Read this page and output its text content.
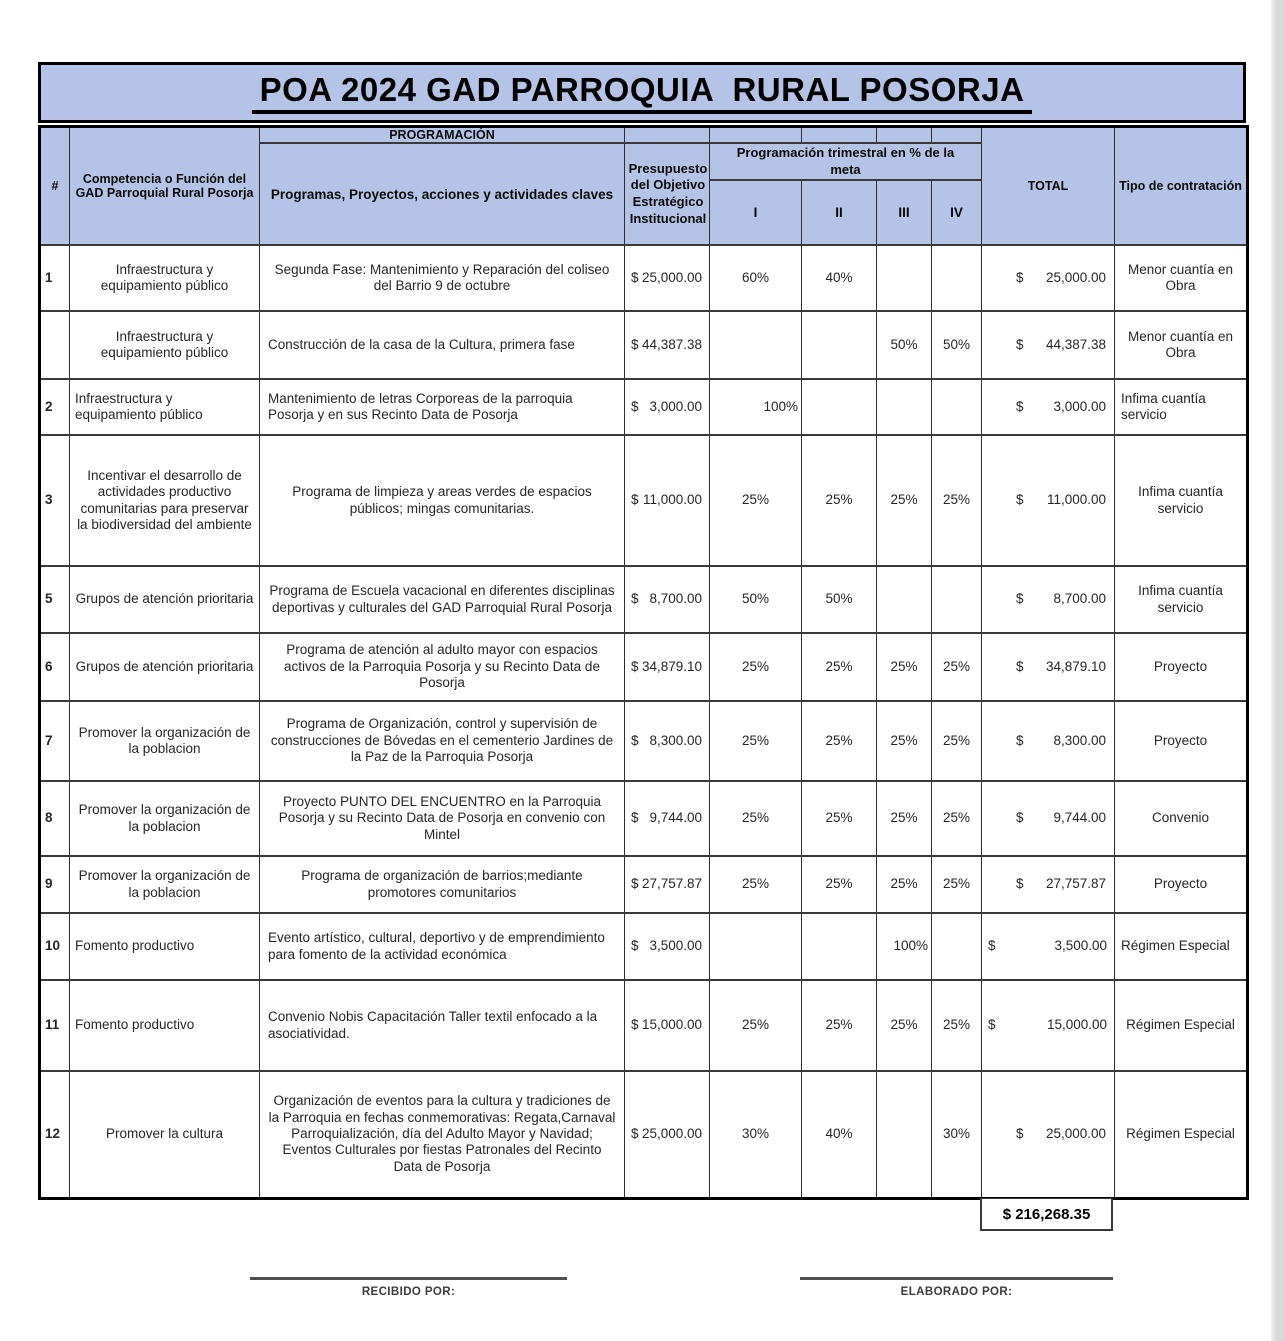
POA 2024 GAD PARROQUIA  RURAL POSORJA
#	Competencia o Función del GAD Parroquial Rural Posorja	PROGRAMACIÓN						TOTAL	Tipo de contratación
		Programas, Proyectos, acciones y actividades claves	Presupuesto del Objetivo Estratégico Institucional	Programación trimestral en % de la meta					
				I	II	III	IV		
1	Infraestructura y equipamiento público	Segunda Fase: Mantenimiento y Reparación del coliseo del Barrio 9 de octubre	$ 25,000.00	60%	40%			$ 25,000.00	Menor cuantía en Obra
	Infraestructura y equipamiento público	Construcción de la casa de la Cultura, primera fase	$ 44,387.38			50%	50%	$ 44,387.38	Menor cuantía en Obra
2	Infraestructura y equipamiento público	Mantenimiento de letras Corporeas de la parroquia Posorja y en sus Recinto Data de Posorja	$ 3,000.00	100%				$ 3,000.00	Infima cuantía servicio
3	Incentivar el desarrollo de actividades productivo comunitarias para preservar la biodiversidad del ambiente	Programa de limpieza y areas verdes de espacios públicos; mingas comunitarias.	$ 11,000.00	25%	25%	25%	25%	$ 11,000.00	Infima cuantía servicio
5	Grupos de atención prioritaria	Programa de Escuela vacacional en diferentes disciplinas deportivas y culturales del GAD Parroquial Rural Posorja	$ 8,700.00	50%	50%			$ 8,700.00	Infima cuantía servicio
6	Grupos de atención prioritaria	Programa de atención al adulto mayor con espacios activos de la Parroquia Posorja y su Recinto Data de Posorja	$ 34,879.10	25%	25%	25%	25%	$ 34,879.10	Proyecto
7	Promover la organización de la poblacion	Programa de Organización, control y supervisión de construcciones de Bóvedas en el cementerio Jardines de la Paz de la Parroquia Posorja	$ 8,300.00	25%	25%	25%	25%	$ 8,300.00	Proyecto
8	Promover la organización de la poblacion	Proyecto PUNTO DEL ENCUENTRO en la Parroquia Posorja y su Recinto Data de Posorja en convenio con Mintel	$ 9,744.00	25%	25%	25%	25%	$ 9,744.00	Convenio
9	Promover la organización de la poblacion	Programa de organización de barrios;mediante promotores comunitarios	$ 27,757.87	25%	25%	25%	25%	$ 27,757.87	Proyecto
10	Fomento productivo	Evento artístico, cultural, deportivo y de emprendimiento para fomento de la actividad económica	$ 3,500.00			100%		$ 3,500.00	Régimen Especial
11	Fomento productivo	Convenio Nobis Capacitación Taller textil enfocado a la asociatividad.	$ 15,000.00	25%	25%	25%	25%	$ 15,000.00	Régimen Especial
12	Promover la cultura	Organización de eventos para la cultura y tradiciones de la Parroquia en fechas conmemorativas: Regata,Carnaval Parroquialización, día del Adulto Mayor y Navidad; Eventos Culturales por fiestas Patronales del Recinto Data de Posorja	$ 25,000.00	30%	40%		30%	$ 25,000.00	Régimen Especial
$ 216,268.35
RECIBIDO POR:	ELABORADO POR:
